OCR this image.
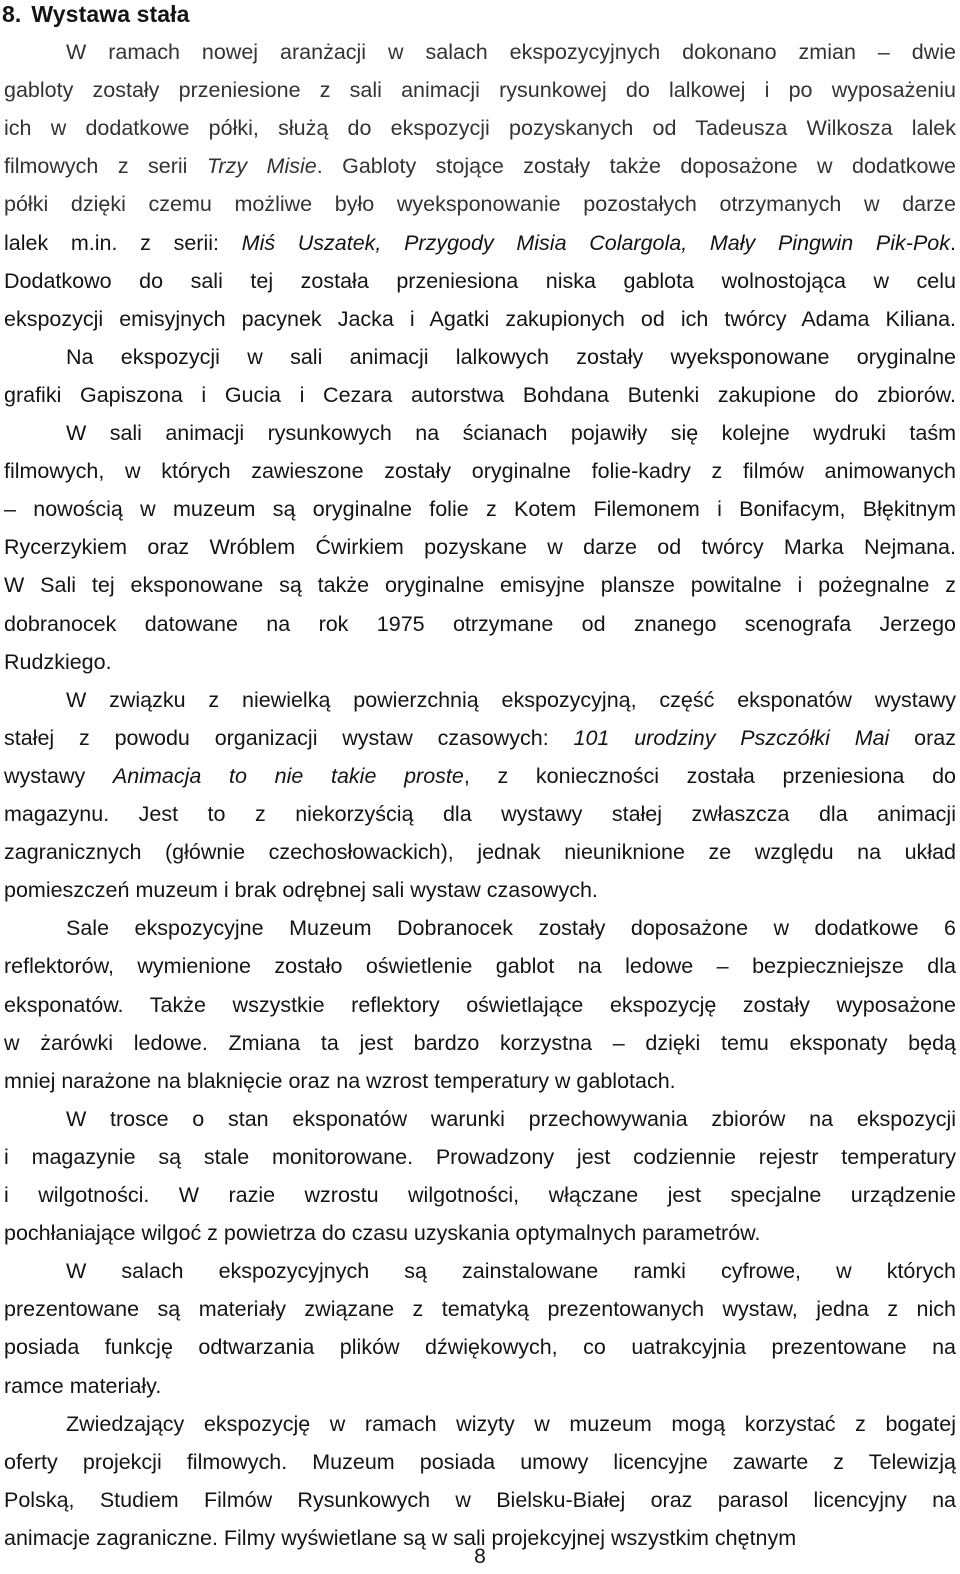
8. Wystawa stała
W ramach nowej aranżacji w salach ekspozycyjnych dokonano zmian – dwie
gabloty zostały przeniesione z sali animacji rysunkowej do lalkowej i po wyposażeniu
ich w dodatkowe półki, służą do ekspozycji pozyskanych od Tadeusza Wilkosza lalek
filmowych z serii Trzy Misie. Gabloty stojące zostały także doposażone w dodatkowe
półki dzięki czemu możliwe było wyeksponowanie pozostałych otrzymanych w darze
lalek m.in. z serii: Miś Uszatek, Przygody Misia Colargola, Mały Pingwin Pik-Pok.
Dodatkowo do sali tej została przeniesiona niska gablota wolnostojąca w celu
ekspozycji emisyjnych pacynek Jacka i Agatki zakupionych od ich twórcy Adama Kiliana.
Na ekspozycji w sali animacji lalkowych zostały wyeksponowane oryginalne
grafiki Gapiszona i Gucia i Cezara autorstwa Bohdana Butenki zakupione do zbiorów.
W sali animacji rysunkowych na ścianach pojawiły się kolejne wydruki taśm
filmowych, w których zawieszone zostały oryginalne folie-kadry z filmów animowanych
– nowością w muzeum są oryginalne folie z Kotem Filemonem i Bonifacym, Błękitnym
Rycerzykiem oraz Wróblem Ćwirkiem pozyskane w darze od twórcy Marka Nejmana.
W Sali tej eksponowane są także oryginalne emisyjne plansze powitalne i pożegnalne z
dobranocek datowane na rok 1975 otrzymane od znanego scenografa Jerzego
Rudzkiego.
W związku z niewielką powierzchnią ekspozycyjną, część eksponatów wystawy
stałej z powodu organizacji wystaw czasowych: 101 urodziny Pszczółki Mai oraz
wystawy Animacja to nie takie proste, z konieczności została przeniesiona do
magazynu. Jest to z niekorzyścią dla wystawy stałej zwłaszcza dla animacji
zagranicznych (głównie czechosłowackich), jednak nieuniknione ze względu na układ
pomieszczeń muzeum i brak odrębnej sali wystaw czasowych.
Sale ekspozycyjne Muzeum Dobranocek zostały doposażone w dodatkowe 6
reflektorów, wymienione zostało oświetlenie gablot na ledowe – bezpieczniejsze dla
eksponatów. Także wszystkie reflektory oświetlające ekspozycję zostały wyposażone
w żarówki ledowe. Zmiana ta jest bardzo korzystna – dzięki temu eksponaty będą
mniej narażone na blaknięcie oraz na wzrost temperatury w gablotach.
W trosce o stan eksponatów warunki przechowywania zbiorów na ekspozycji
i magazynie są stale monitorowane. Prowadzony jest codziennie rejestr temperatury
i wilgotności. W razie wzrostu wilgotności, włączane jest specjalne urządzenie
pochłaniające wilgoć z powietrza do czasu uzyskania optymalnych parametrów.
W salach ekspozycyjnych są zainstalowane ramki cyfrowe, w których
prezentowane są materiały związane z tematyką prezentowanych wystaw, jedna z nich
posiada funkcję odtwarzania plików dźwiękowych, co uatrakcyjnia prezentowane na
ramce materiały.
Zwiedzający ekspozycję w ramach wizyty w muzeum mogą korzystać z bogatej
oferty projekcji filmowych. Muzeum posiada umowy licencyjne zawarte z Telewizją
Polską, Studiem Filmów Rysunkowych w Bielsku-Białej oraz parasol licencyjny na
animacje zagraniczne. Filmy wyświetlane są w sali projekcyjnej wszystkim chętnym
8
